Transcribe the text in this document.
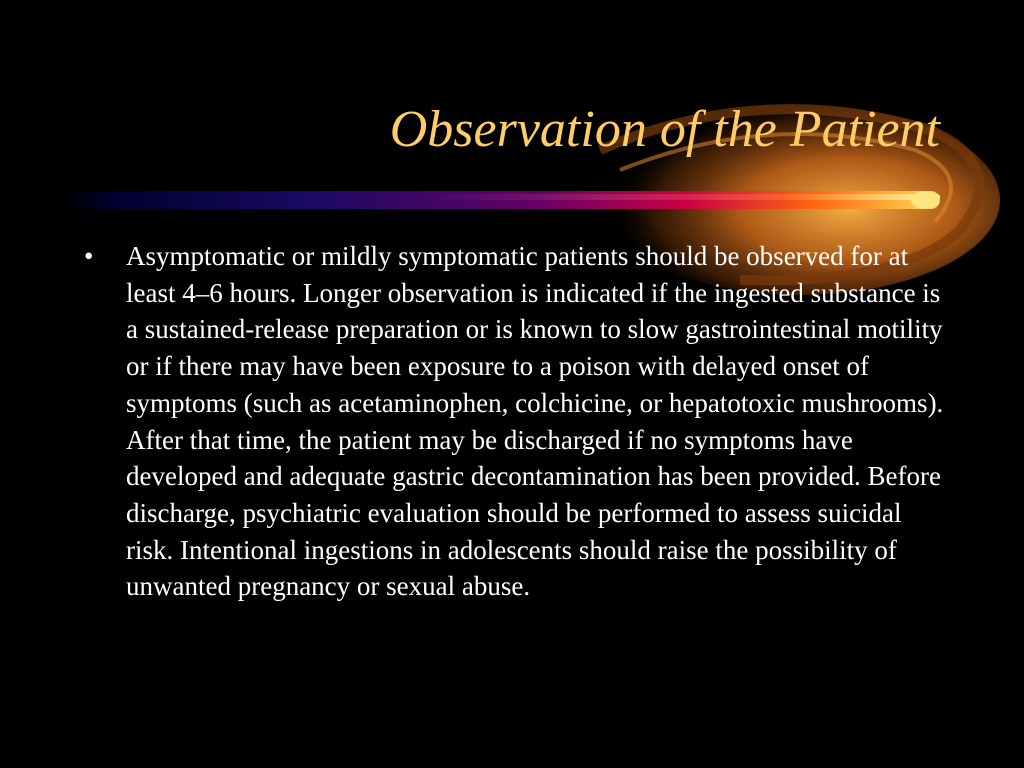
Observation of the Patient
•	Asymptomatic or mildly symptomatic patients should be observed for at least 4–6 hours. Longer observation is indicated if the ingested substance is a sustained-release preparation or is known to slow gastrointestinal motility or if there may have been exposure to a poison with delayed onset of symptoms (such as acetaminophen, colchicine, or hepatotoxic mushrooms). After that time, the patient may be discharged if no symptoms have developed and adequate gastric decontamination has been provided. Before discharge, psychiatric evaluation should be performed to assess suicidal risk. Intentional ingestions in adolescents should raise the possibility of unwanted pregnancy or sexual abuse.
